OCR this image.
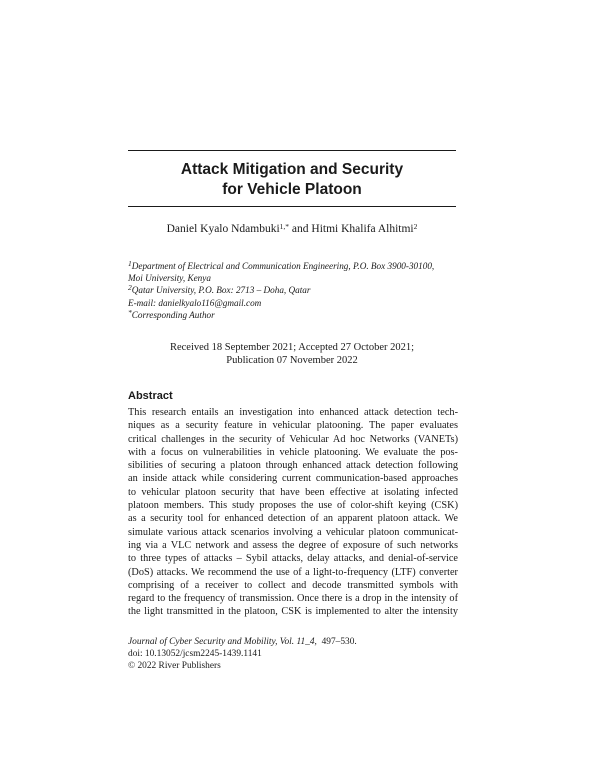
Attack Mitigation and Security
for Vehicle Platoon
Daniel Kyalo Ndambuki$^{1,*}$ and Hitmi Khalifa Alhitmi$^2$
$^1$Department of Electrical and Communication Engineering, P.O. Box 3900-30100,
Moi University, Kenya
$^2$Qatar University, P.O. Box: 2713 – Doha, Qatar
E-mail: danielkyalo116@gmail.com
*Corresponding Author
Received 18 September 2021; Accepted 27 October 2021;
Publication 07 November 2022
Abstract
This research entails an investigation into enhanced attack detection tech-
niques as a security feature in vehicular platooning. The paper evaluates
critical challenges in the security of Vehicular Ad hoc Networks (VANETs)
with a focus on vulnerabilities in vehicle platooning. We evaluate the pos-
sibilities of securing a platoon through enhanced attack detection following
an inside attack while considering current communication-based approaches
to vehicular platoon security that have been effective at isolating infected
platoon members. This study proposes the use of color-shift keying (CSK)
as a security tool for enhanced detection of an apparent platoon attack. We
simulate various attack scenarios involving a vehicular platoon communicat-
ing via a VLC network and assess the degree of exposure of such networks
to three types of attacks – Sybil attacks, delay attacks, and denial-of-service
(DoS) attacks. We recommend the use of a light-to-frequency (LTF) converter
comprising of a receiver to collect and decode transmitted symbols with
regard to the frequency of transmission. Once there is a drop in the intensity of
the light transmitted in the platoon, CSK is implemented to alter the intensity
Journal of Cyber Security and Mobility, Vol. 11_4, 497–530.
doi: 10.13052/jcsm2245-1439.1141
© 2022 River Publishers
